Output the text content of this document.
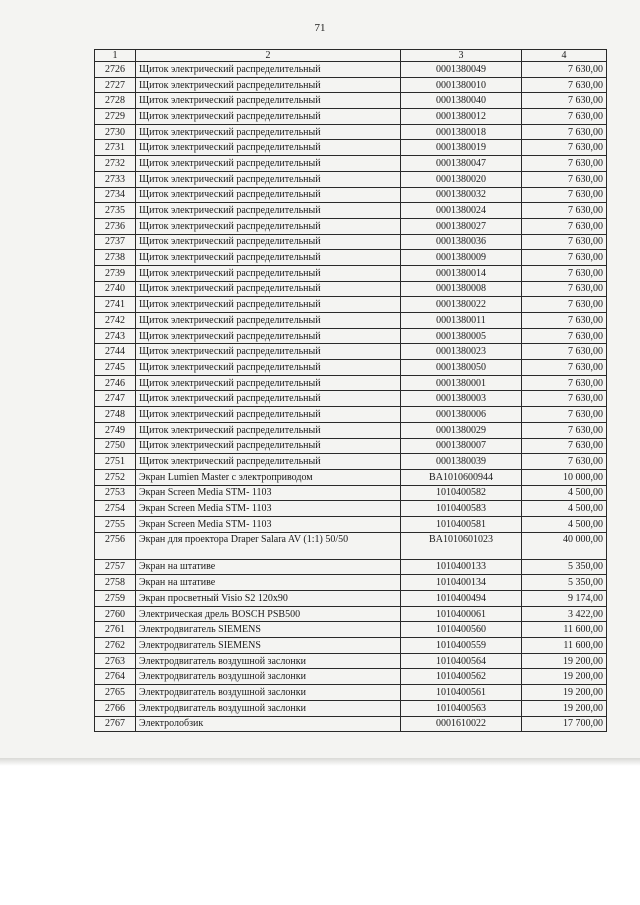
71
1	2	3	4
2726	Щиток электрический распределительный	0001380049	7 630,00
2727	Щиток электрический распределительный	0001380010	7 630,00
2728	Щиток электрический распределительный	0001380040	7 630,00
2729	Щиток электрический распределительный	0001380012	7 630,00
2730	Щиток электрический распределительный	0001380018	7 630,00
2731	Щиток электрический распределительный	0001380019	7 630,00
2732	Щиток электрический распределительный	0001380047	7 630,00
2733	Щиток электрический распределительный	0001380020	7 630,00
2734	Щиток электрический распределительный	0001380032	7 630,00
2735	Щиток электрический распределительный	0001380024	7 630,00
2736	Щиток электрический распределительный	0001380027	7 630,00
2737	Щиток электрический распределительный	0001380036	7 630,00
2738	Щиток электрический распределительный	0001380009	7 630,00
2739	Щиток электрический распределительный	0001380014	7 630,00
2740	Щиток электрический распределительный	0001380008	7 630,00
2741	Щиток электрический распределительный	0001380022	7 630,00
2742	Щиток электрический распределительный	0001380011	7 630,00
2743	Щиток электрический распределительный	0001380005	7 630,00
2744	Щиток электрический распределительный	0001380023	7 630,00
2745	Щиток электрический распределительный	0001380050	7 630,00
2746	Щиток электрический распределительный	0001380001	7 630,00
2747	Щиток электрический распределительный	0001380003	7 630,00
2748	Щиток электрический распределительный	0001380006	7 630,00
2749	Щиток электрический распределительный	0001380029	7 630,00
2750	Щиток электрический распределительный	0001380007	7 630,00
2751	Щиток электрический распределительный	0001380039	7 630,00
2752	Экран Lumien Master с электроприводом	BA1010600944	10 000,00
2753	Экран Screen Media STM- 1103	1010400582	4 500,00
2754	Экран Screen Media STM- 1103	1010400583	4 500,00
2755	Экран Screen Media STM- 1103	1010400581	4 500,00
2756	Экран для проектора Draper Salara AV (1:1) 50/50	BA1010601023	40 000,00
2757	Экран на штативе	1010400133	5 350,00
2758	Экран на штативе	1010400134	5 350,00
2759	Экран просветный Visio S2 120x90	1010400494	9 174,00
2760	Электрическая дрель BOSCH PSB500	1010400061	3 422,00
2761	Электродвигатель SIEMENS	1010400560	11 600,00
2762	Электродвигатель SIEMENS	1010400559	11 600,00
2763	Электродвигатель воздушной заслонки	1010400564	19 200,00
2764	Электродвигатель воздушной заслонки	1010400562	19 200,00
2765	Электродвигатель воздушной заслонки	1010400561	19 200,00
2766	Электродвигатель воздушной заслонки	1010400563	19 200,00
2767	Электролобзик	0001610022	17 700,00
